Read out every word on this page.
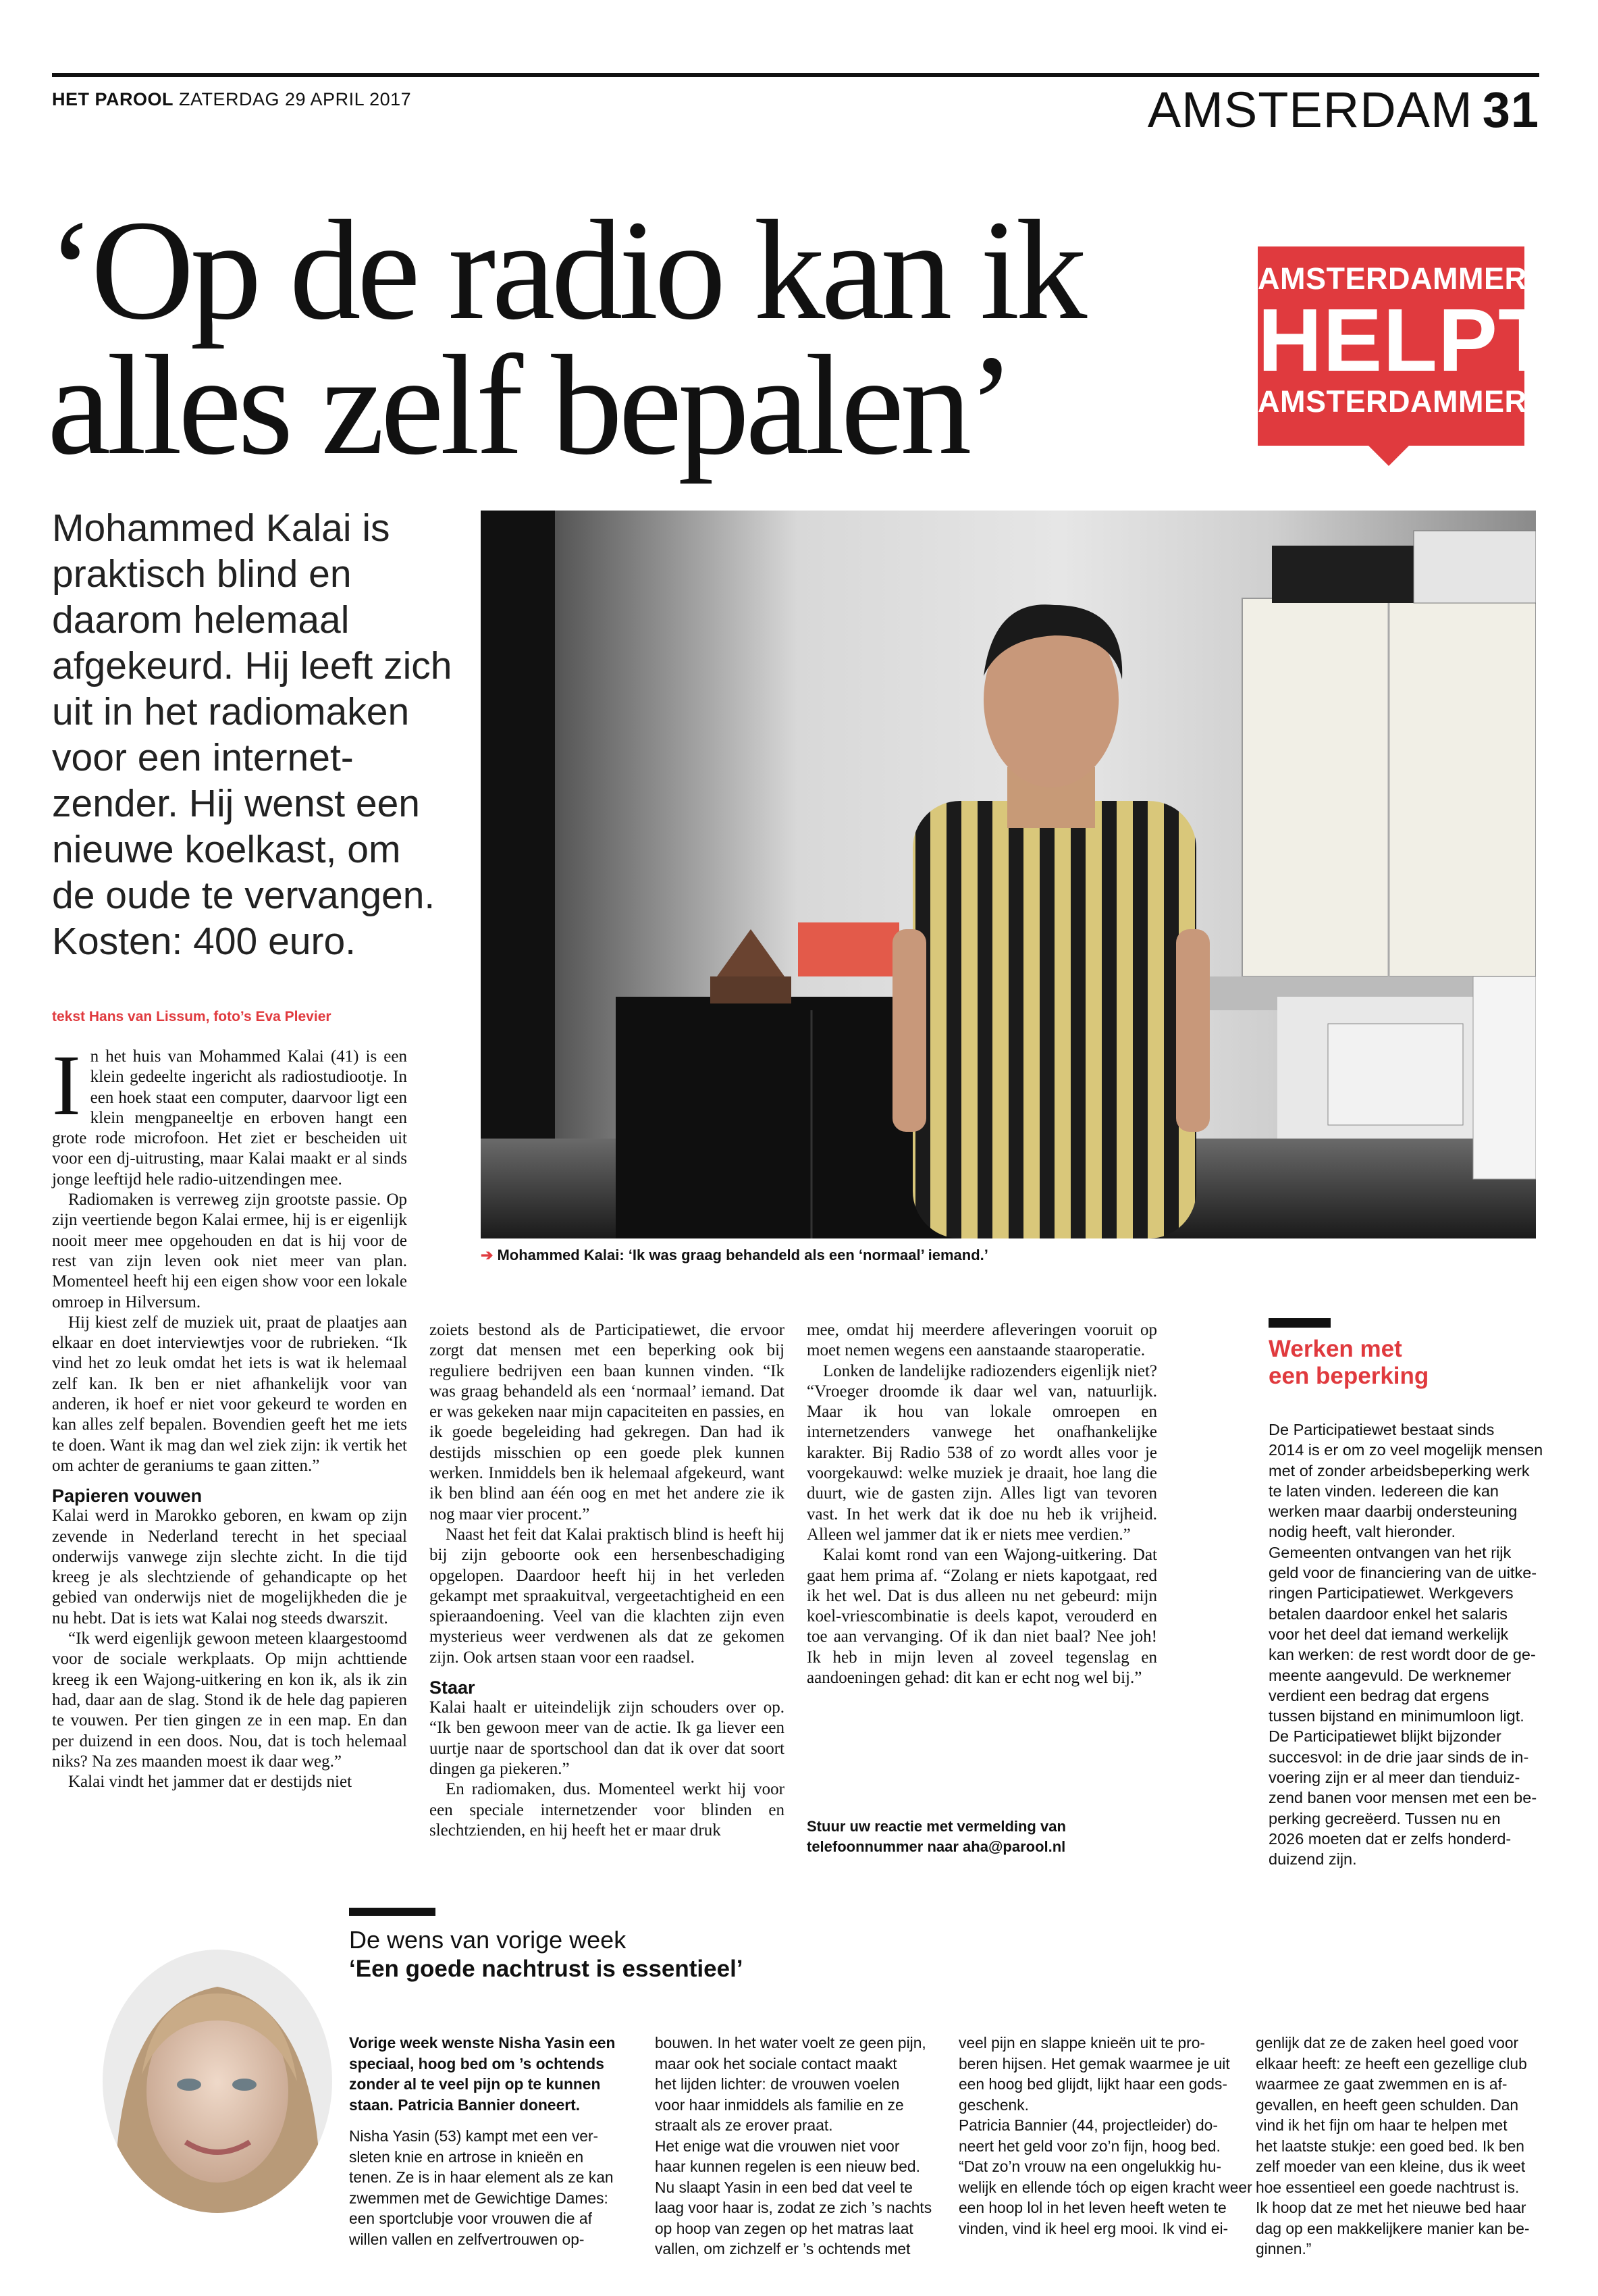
HET PAROOL ZATERDAG 29 APRIL 2017	AMSTERDAM 31
‘Op de radio kan ik
alles zelf bepalen’
AMSTERDAMMER
HELPT
AMSTERDAMMER
Mohammed Kalai is
praktisch blind en
daarom helemaal
afgekeurd. Hij leeft zich
uit in het radiomaken
voor een internet-
zender. Hij wenst een
nieuwe koelkast, om
de oude te vervangen.
Kosten: 400 euro.
➔ Mohammed Kalai: ‘Ik was graag behandeld als een ‘normaal’ iemand.’
tekst Hans van Lissum, foto’s Eva Plevier
I n het huis van Mohammed Kalai (41) is een klein gedeelte ingericht als radiostudiootje. In een hoek staat een computer, daarvoor ligt een klein mengpaneeltje en erboven hangt een grote rode microfoon. Het ziet er bescheiden uit voor een dj-uitrusting, maar Kalai maakt er al sinds jonge leeftijd hele radio-uitzendingen mee.

Radiomaken is verreweg zijn grootste passie. Op zijn veertiende begon Kalai ermee, hij is er eigenlijk nooit meer mee opgehouden en dat is hij voor de rest van zijn leven ook niet meer van plan. Momenteel heeft hij een eigen show voor een lokale omroep in Hilversum.

Hij kiest zelf de muziek uit, praat de plaatjes aan elkaar en doet interviewtjes voor de rubrieken. “Ik vind het zo leuk omdat het iets is wat ik helemaal zelf kan. Ik ben er niet afhankelijk voor van anderen, ik hoef er niet voor gekeurd te worden en kan alles zelf bepalen. Bovendien geeft het me iets te doen. Want ik mag dan wel ziek zijn: ik vertik het om achter de geraniums te gaan zitten.”

Papieren vouwen

Kalai werd in Marokko geboren, en kwam op zijn zevende in Nederland terecht in het speciaal onderwijs vanwege zijn slechte zicht. In die tijd kreeg je als slechtziende of gehandicapte op het gebied van onderwijs niet de mogelijkheden die je nu hebt. Dat is iets wat Kalai nog steeds dwarszit.

“Ik werd eigenlijk gewoon meteen klaargestoomd voor de sociale werkplaats. Op mijn achttiende kreeg ik een Wajong-uitkering en kon ik, als ik zin had, daar aan de slag. Stond ik de hele dag papieren te vouwen. Per tien gingen ze in een map. En dan per duizend in een doos. Nou, dat is toch helemaal niks? Na zes maanden moest ik daar weg.”

Kalai vindt het jammer dat er destijds niet

zoiets bestond als de Participatiewet, die ervoor zorgt dat mensen met een beperking ook bij reguliere bedrijven een baan kunnen vinden. “Ik was graag behandeld als een ‘normaal’ iemand. Dat er was gekeken naar mijn capaciteiten en passies, en ik goede begeleiding had gekregen. Dan had ik destijds misschien op een goede plek kunnen werken. Inmiddels ben ik helemaal afgekeurd, want ik ben blind aan één oog en met het andere zie ik nog maar vier procent.”

Naast het feit dat Kalai praktisch blind is heeft hij bij zijn geboorte ook een hersenbeschadiging opgelopen. Daardoor heeft hij in het verleden gekampt met spraakuitval, vergeetachtigheid en een spieraandoening. Veel van die klachten zijn even mysterieus weer verdwenen als dat ze gekomen zijn. Ook artsen staan voor een raadsel.

Staar

Kalai haalt er uiteindelijk zijn schouders over op. “Ik ben gewoon meer van de actie. Ik ga liever een uurtje naar de sportschool dan dat ik over dat soort dingen ga piekeren.”

En radiomaken, dus. Momenteel werkt hij voor een speciale internetzender voor blinden en slechtzienden, en hij heeft het er maar druk

mee, omdat hij meerdere afleveringen vooruit op moet nemen wegens een aanstaande staaroperatie.

Lonken de landelijke radiozenders eigenlijk niet? “Vroeger droomde ik daar wel van, natuurlijk. Maar ik hou van lokale omroepen en internetzenders vanwege het onafhankelijke karakter. Bij Radio 538 of zo wordt alles voor je voorgekauwd: welke muziek je draait, hoe lang die duurt, wie de gasten zijn. Alles ligt van tevoren vast. In het werk dat ik doe nu heb ik vrijheid. Alleen wel jammer dat ik er niets mee verdien.”

Kalai komt rond van een Wajong-uitkering. Dat gaat hem prima af. “Zolang er niets kapotgaat, red ik het wel. Dat is dus alleen nu net gebeurd: mijn koel-vriescombinatie is deels kapot, verouderd en toe aan vervanging. Of ik dan niet baal? Nee joh! Ik heb in mijn leven al zoveel tegenslag en aandoeningen gehad: dit kan er echt nog wel bij.”

Stuur uw reactie met vermelding van telefoonnummer naar aha@parool.nl
Werken met
een beperking
De Participatiewet bestaat sinds
2014 is er om zo veel mogelijk mensen
met of zonder arbeidsbeperking werk
te laten vinden. Iedereen die kan
werken maar daarbij ondersteuning
nodig heeft, valt hieronder.
Gemeenten ontvangen van het rijk
geld voor de financiering van de uitke-
ringen Participatiewet. Werkgevers
betalen daardoor enkel het salaris
voor het deel dat iemand werkelijk
kan werken: de rest wordt door de ge-
meente aangevuld. De werknemer
verdient een bedrag dat ergens
tussen bijstand en minimumloon ligt.
De Participatiewet blijkt bijzonder
succesvol: in de drie jaar sinds de in-
voering zijn er al meer dan tienduiz-
zend banen voor mensen met een be-
perking gecreëerd. Tussen nu en
2026 moeten dat er zelfs honderd-
duizend zijn.
De wens van vorige week
‘Een goede nachtrust is essentieel’
Vorige week wenste Nisha Yasin een
speciaal, hoog bed om ’s ochtends
zonder al te veel pijn op te kunnen
staan. Patricia Bannier doneert.
Nisha Yasin (53) kampt met een ver-
sleten knie en artrose in knieën en
tenen. Ze is in haar element als ze kan
zwemmen met de Gewichtige Dames:
een sportclubje voor vrouwen die af
willen vallen en zelfvertrouwen op-
bouwen. In het water voelt ze geen pijn,
maar ook het sociale contact maakt
het lijden lichter: de vrouwen voelen
voor haar inmiddels als familie en ze
straalt als ze erover praat.
Het enige wat die vrouwen niet voor
haar kunnen regelen is een nieuw bed.
Nu slaapt Yasin in een bed dat veel te
laag voor haar is, zodat ze zich ’s nachts
op hoop van zegen op het matras laat
vallen, om zichzelf er ’s ochtends met
veel pijn en slappe knieën uit te pro-
beren hijsen. Het gemak waarmee je uit
een hoog bed glijdt, lijkt haar een gods-
geschenk.
Patricia Bannier (44, projectleider) do-
neert het geld voor zo’n fijn, hoog bed.
“Dat zo’n vrouw na een ongelukkig hu-
welijk en ellende tóch op eigen kracht weer
een hoop lol in het leven heeft weten te
vinden, vind ik heel erg mooi. Ik vind ei-
genlijk dat ze de zaken heel goed voor
elkaar heeft: ze heeft een gezellige club
waarmee ze gaat zwemmen en is af-
gevallen, en heeft geen schulden. Dan
vind ik het fijn om haar te helpen met
het laatste stukje: een goed bed. Ik ben
zelf moeder van een kleine, dus ik weet
hoe essentieel een goede nachtrust is.
Ik hoop dat ze met het nieuwe bed haar
dag op een makkelijkere manier kan be-
ginnen.”
